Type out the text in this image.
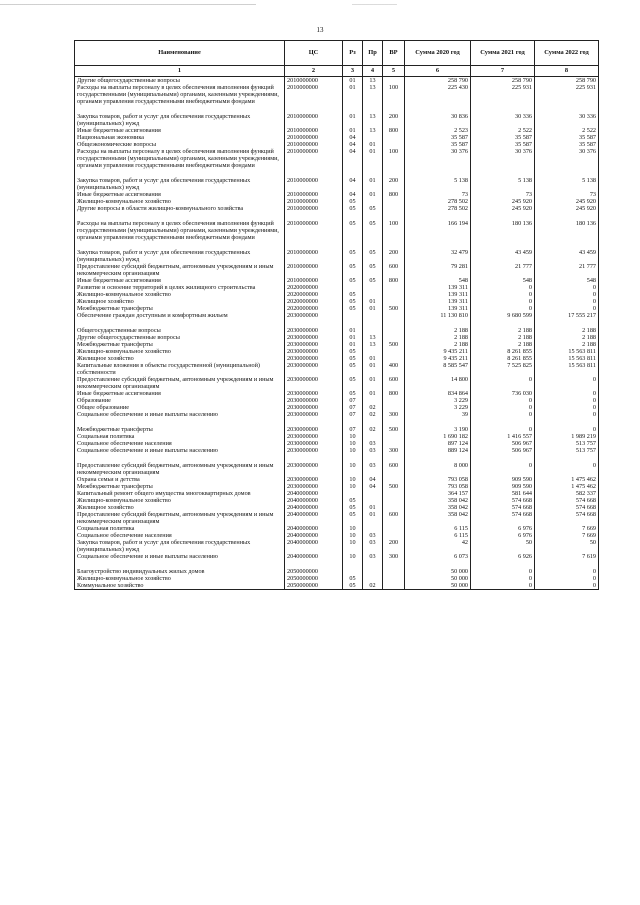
13
Наименование	ЦС	Рз	Пр	ВР	Сумма 2020 год	Сумма 2021 год	Сумма 2022 год
1	2	3	4	5	6	7	8
Другие общегосударственные вопросы	2010000000	01	13		258 790	258 790	258 790
Расходы на выплаты персоналу в целях обеспечения выполнения функций государственными (муниципальными) органами, казенными учреждениями, органами управления государственными внебюджетными фондами	2010000000	01	13	100	225 430	225 931	225 931

Закупка товаров, работ и услуг для обеспечения государственных (муниципальных) нужд	2010000000	01	13	200	30 836	30 336	30 336
Иные бюджетные ассигнования	2010000000	01	13	800	2 523	2 522	2 522
Национальная экономика	2010000000	04			35 587	35 587	35 587
Общеэкономические вопросы	2010000000	04	01		35 587	35 587	35 587
Расходы на выплаты персоналу в целях обеспечения выполнения функций государственными (муниципальными) органами, казенными учреждениями, органами управления государственными внебюджетными фондами	2010000000	04	01	100	30 376	30 376	30 376

Закупка товаров, работ и услуг для обеспечения государственных (муниципальных) нужд	2010000000	04	01	200	5 138	5 138	5 138
Иные бюджетные ассигнования	2010000000	04	01	800	73	73	73
Жилищно-коммунальное хозяйство	2010000000	05			278 502	245 920	245 920
Другие вопросы в области жилищно-коммунального хозяйства	2010000000	05	05		278 502	245 920	245 920

Расходы на выплаты персоналу в целях обеспечения выполнения функций государственными (муниципальными) органами, казенными учреждениями, органами управления государственными внебюджетными фондами	2010000000	05	05	100	166 194	180 136	180 136

Закупка товаров, работ и услуг для обеспечения государственных (муниципальных) нужд	2010000000	05	05	200	32 479	43 459	43 459
Предоставление субсидий бюджетным, автономным учреждениям и иным некоммерческим организациям	2010000000	05	05	600	79 281	21 777	21 777
Иные бюджетные ассигнования	2010000000	05	05	800	548	548	548
Развитие и освоение территорий в целях жилищного строительства	2020000000				139 311	0	0
Жилищно-коммунальное хозяйство	2020000000	05			139 311	0	0
Жилищное хозяйство	2020000000	05	01		139 311	0	0
Межбюджетные трансферты	2020000000	05	01	500	139 311	0	0
Обеспечение граждан доступным и комфортным жильем	2030000000				11 130 810	9 680 599	17 555 217

Общегосударственные вопросы	2030000000	01			2 188	2 188	2 188
Другие общегосударственные вопросы	2030000000	01	13		2 188	2 188	2 188
Межбюджетные трансферты	2030000000	01	13	500	2 188	2 188	2 188
Жилищно-коммунальное хозяйство	2030000000	05			9 435 211	8 261 855	15 563 811
Жилищное хозяйство	2030000000	05	01		9 435 211	8 261 855	15 563 811
Капитальные вложения в объекты государственной (муниципальной) собственности	2030000000	05	01	400	8 585 547	7 525 825	15 563 811
Предоставление субсидий бюджетным, автономным учреждениям и иным некоммерческим организациям	2030000000	05	01	600	14 800	0	0
Иные бюджетные ассигнования	2030000000	05	01	800	834 864	736 030	0
Образование	2030000000	07			3 229	0	0
Общее образование	2030000000	07	02		3 229	0	0
Социальное обеспечение и иные выплаты населению	2030000000	07	02	300	39	0	0

Межбюджетные трансферты	2030000000	07	02	500	3 190	0	0
Социальная политика	2030000000	10			1 690 182	1 416 557	1 989 219
Социальное обеспечение населения	2030000000	10	03		897 124	506 967	513 757
Социальное обеспечение и иные выплаты населению	2030000000	10	03	300	889 124	506 967	513 757

Предоставление субсидий бюджетным, автономным учреждениям и иным некоммерческим организациям	2030000000	10	03	600	8 000	0	0
Охрана семьи и детства	2030000000	10	04		793 058	909 590	1 475 462
Межбюджетные трансферты	2030000000	10	04	500	793 058	909 590	1 475 462
Капитальный ремонт общего имущества многоквартирных домов	2040000000				364 157	581 644	582 337
Жилищно-коммунальное хозяйство	2040000000	05			358 042	574 668	574 668
Жилищное хозяйство	2040000000	05	01		358 042	574 668	574 668
Предоставление субсидий бюджетным, автономным учреждениям и иным некоммерческим организациям	2040000000	05	01	600	358 042	574 668	574 668
Социальная политика	2040000000	10			6 115	6 976	7 669
Социальное обеспечение населения	2040000000	10	03		6 115	6 976	7 669
Закупка товаров, работ и услуг для обеспечения государственных (муниципальных) нужд	2040000000	10	03	200	42	50	50
Социальное обеспечение и иные выплаты населению	2040000000	10	03	300	6 073	6 926	7 619

Благоустройство индивидуальных жилых домов	2050000000				50 000	0	0
Жилищно-коммунальное хозяйство	2050000000	05			50 000	0	0
Коммунальное хозяйство	2050000000	05	02		50 000	0	0
